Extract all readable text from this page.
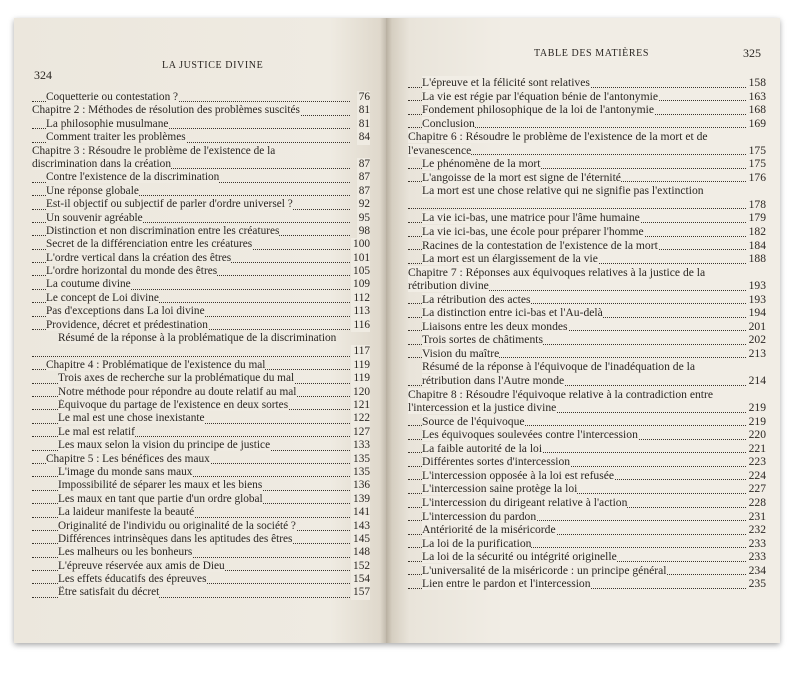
324
LA JUSTICE DIVINE
Coquetterie ou contestation ?	76
Chapitre 2 : Méthodes de résolution des problèmes suscités	81
La philosophie musulmane	81
Comment traiter les problèmes	84
Chapitre 3 : Résoudre le problème de l'existence de la
discrimination dans la création	87
Contre l'existence de la discrimination	87
Une réponse globale	87
Est-il objectif ou subjectif de parler d'ordre universel ?	92
Un souvenir agréable	95
Distinction et non discrimination entre les créatures	98
Secret de la différenciation entre les créatures	100
L'ordre vertical dans la création des êtres	101
L'ordre horizontal du monde des êtres	105
La coutume divine	109
Le concept de Loi divine	112
Pas d'exceptions dans La loi divine	113
Providence, décret et prédestination	116
Résumé de la réponse à la problématique de la discrimination
117
Chapitre 4 : Problématique de l'existence du mal	119
Trois axes de recherche sur la problématique du mal	119
Notre méthode pour répondre au doute relatif au mal	120
Équivoque du partage de l'existence en deux sortes	121
Le mal est une chose inexistante	122
Le mal est relatif	127
Les maux selon la vision du principe de justice	133
Chapitre 5 : Les bénéfices des maux	135
L'image du monde sans maux	135
Impossibilité de séparer les maux et les biens	136
Les maux en tant que partie d'un ordre global	139
La laideur manifeste la beauté	141
Originalité de l'individu ou originalité de la société ?	143
Différences intrinsèques dans les aptitudes des êtres	145
Les malheurs ou les bonheurs	148
L'épreuve réservée aux amis de Dieu	152
Les effets éducatifs des épreuves	154
Être satisfait du décret	157
325
TABLE DES MATIÈRES
L'épreuve et la félicité sont relatives	158
La vie est régie par l'équation bénie de l'antonymie	163
Fondement philosophique de la loi de l'antonymie	168
Conclusion	169
Chapitre 6 : Résoudre le problème de l'existence de la mort et de
l'evanescence	175
Le phénomène de la mort	175
L'angoisse de la mort est signe de l'éternité	176
La mort est une chose relative qui ne signifie pas l'extinction
178
La vie ici-bas, une matrice pour l'âme humaine	179
La vie ici-bas, une école pour préparer l'homme	182
Racines de la contestation de l'existence de la mort	184
La mort est un élargissement de la vie	188
Chapitre 7 : Réponses aux équivoques relatives à la justice de la
rétribution divine	193
La rétribution des actes	193
La distinction entre ici-bas et l'Au-delà	194
Liaisons entre les deux mondes	201
Trois sortes de châtiments	202
Vision du maître	213
Résumé de la réponse à l'équivoque de l'inadéquation de la
rétribution dans l'Autre monde	214
Chapitre 8 : Résoudre l'équivoque relative à la contradiction entre
l'intercession et la justice divine	219
Source de l'équivoque	219
Les équivoques soulevées contre l'intercession	220
La faible autorité de la loi	221
Différentes sortes d'intercession	223
L'intercession opposée à la loi est refusée	224
L'intercession saine protège la loi	227
L'intercession du dirigeant relative à l'action	228
L'intercession du pardon	231
Antériorité de la miséricorde	232
La loi de la purification	233
La loi de la sécurité ou intégrité originelle	233
L'universalité de la miséricorde : un principe général	234
Lien entre le pardon et l'intercession	235
